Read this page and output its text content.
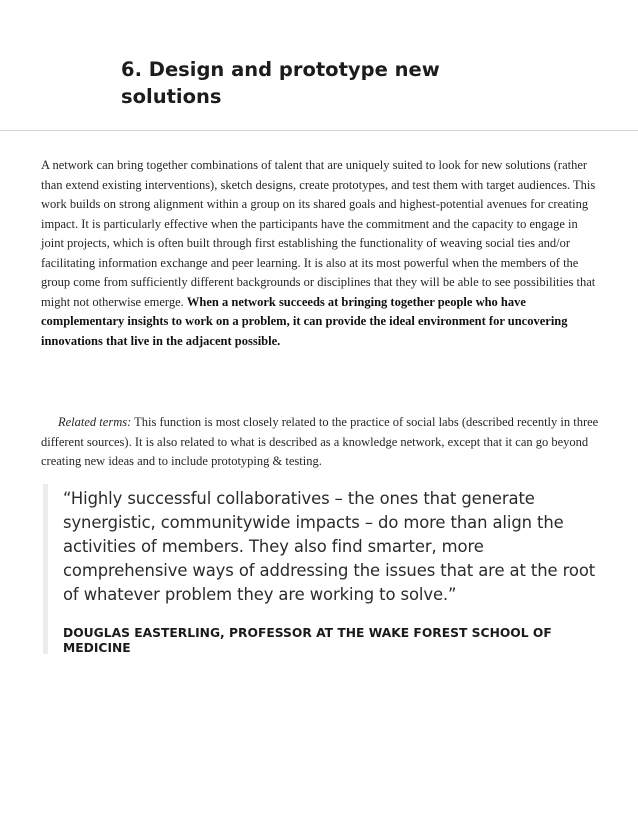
6. Design and prototype new solutions

A network can bring together combinations of talent that are uniquely suited to look for new solutions (rather than extend existing interventions), sketch designs, create prototypes, and test them with target audiences. This work builds on strong alignment within a group on its shared goals and highest-potential avenues for creating impact. It is particularly effective when the participants have the commitment and the capacity to engage in joint projects, which is often built through first establishing the functionality of weaving social ties and/or facilitating information exchange and peer learning. It is also at its most powerful when the members of the group come from sufficiently different backgrounds or disciplines that they will be able to see possibilities that might not otherwise emerge. When a network succeeds at bringing together people who have complementary insights to work on a problem, it can provide the ideal environment for uncovering innovations that live in the adjacent possible.

Related terms: This function is most closely related to the practice of social labs (described recently in three different sources). It is also related to what is described as a knowledge network, except that it can go beyond creating new ideas and to include prototyping & testing.

“Highly successful collaboratives – the ones that generate synergistic, communitywide impacts – do more than align the activities of members. They also find smarter, more comprehensive ways of addressing the issues that are at the root of whatever problem they are working to solve.”

DOUGLAS EASTERLING, PROFESSOR AT THE WAKE FOREST SCHOOL OF MEDICINE
